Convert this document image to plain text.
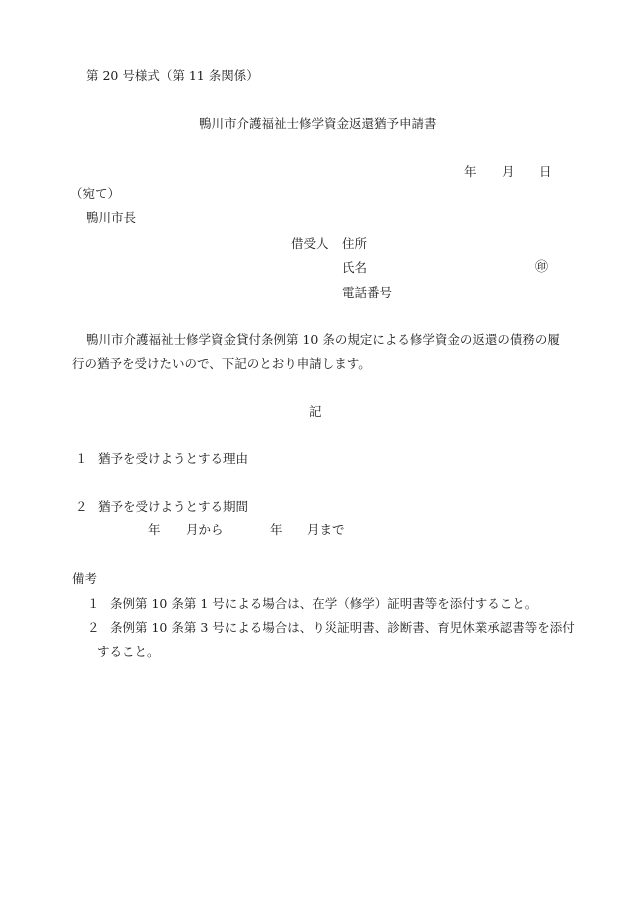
第 20 号様式（第 11 条関係）
鴨川市介護福祉士修学資金返還猶予申請書
年 月 日
（宛て）
鴨川市長
借受人 住所
氏名	㊞
電話番号
鴨川市介護福祉士修学資金貸付条例第 10 条の規定による修学資金の返還の債務の履行の猶予を受けたいので、下記のとおり申請します。
記
１ 猶予を受けようとする理由
２ 猶予を受けようとする期間
年 月から	年 月まで
備考
１ 条例第 10 条第 1 号による場合は、在学（修学）証明書等を添付すること。
２ 条例第 10 条第 3 号による場合は、り災証明書、診断書、育児休業承認書等を添付
すること。
